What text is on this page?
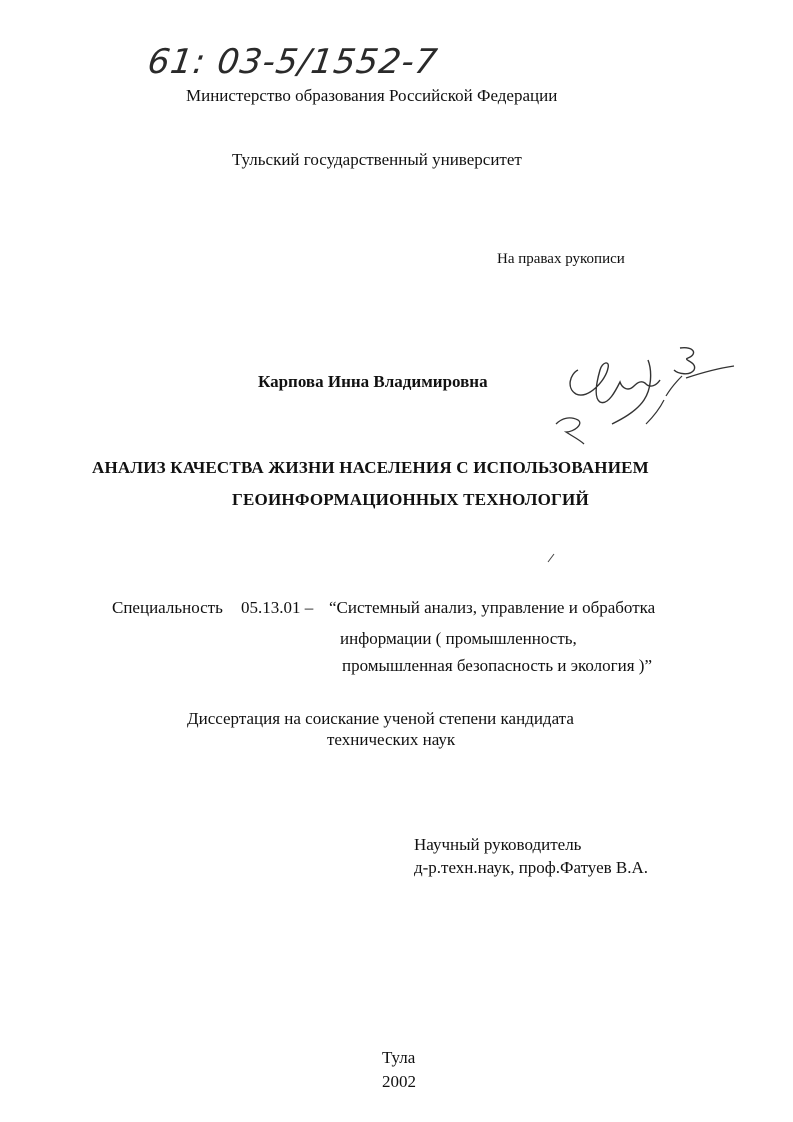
61: 03-5/1552-7
Министерство образования Российской Федерации
Тульский государственный университет
На правах рукописи
Карпова Инна Владимировна
АНАЛИЗ КАЧЕСТВА ЖИЗНИ НАСЕЛЕНИЯ С ИСПОЛЬЗОВАНИЕМ
ГЕОИНФОРМАЦИОННЫХ ТЕХНОЛОГИЙ
Специальность 05.13.01 – “Системный анализ, управление и обработка
информации ( промышленность,
промышленная безопасность и экология )”
Диссертация на соискание ученой степени кандидата
технических наук
Научный руководитель
д-р.техн.наук, проф.Фатуев В.А.
Тула
2002
